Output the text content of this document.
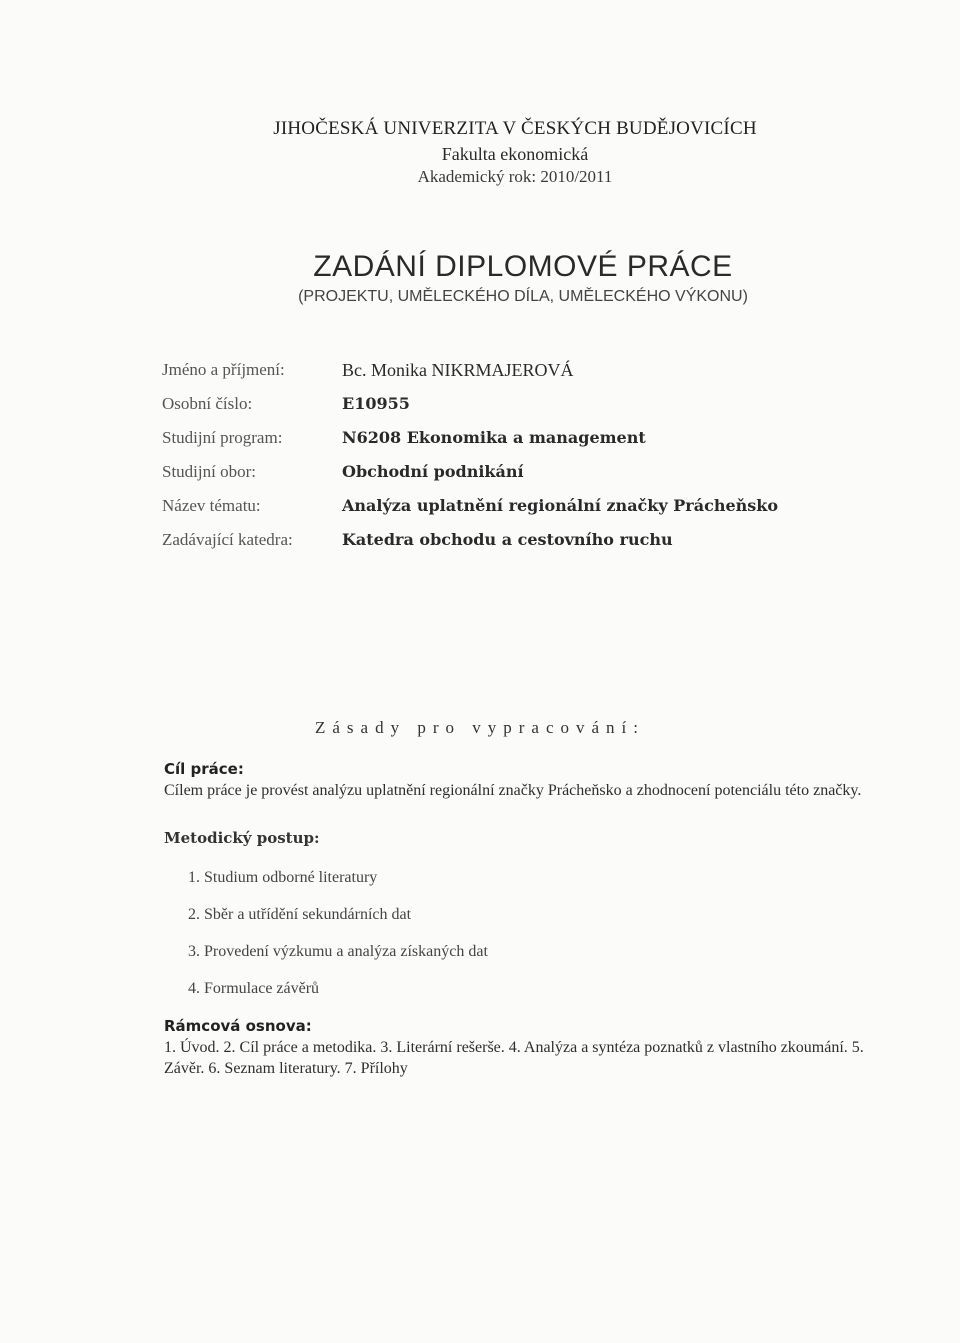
JIHOČESKÁ UNIVERZITA V ČESKÝCH BUDĚJOVICÍCH
Fakulta ekonomická
Akademický rok: 2010/2011
ZADÁNÍ DIPLOMOVÉ PRÁCE
(PROJEKTU, UMĚLECKÉHO DÍLA, UMĚLECKÉHO VÝKONU)
Jméno a příjmení:	Bc. Monika NIKRMAJEROVÁ
Osobní číslo:	E10955
Studijní program:	N6208 Ekonomika a management
Studijní obor:	Obchodní podnikání
Název tématu:	Analýza uplatnění regionální značky Prácheňsko
Zadávající katedra:	Katedra obchodu a cestovního ruchu
Zásady pro vypracování:
Cíl práce:

Cílem práce je provést analýzu uplatnění regionální značky Prácheňsko a zhodnocení potenciálu této značky.

Metodický postup:
1. Studium odborné literatury
2. Sběr a utřídění sekundárních dat
3. Provedení výzkumu a analýza získaných dat
4. Formulace závěrů
Rámcová osnova:

1. Úvod. 2. Cíl práce a metodika. 3. Literární rešerše. 4. Analýza a syntéza poznatků z vlastního zkoumání. 5. Závěr. 6. Seznam literatury. 7. Přílohy
